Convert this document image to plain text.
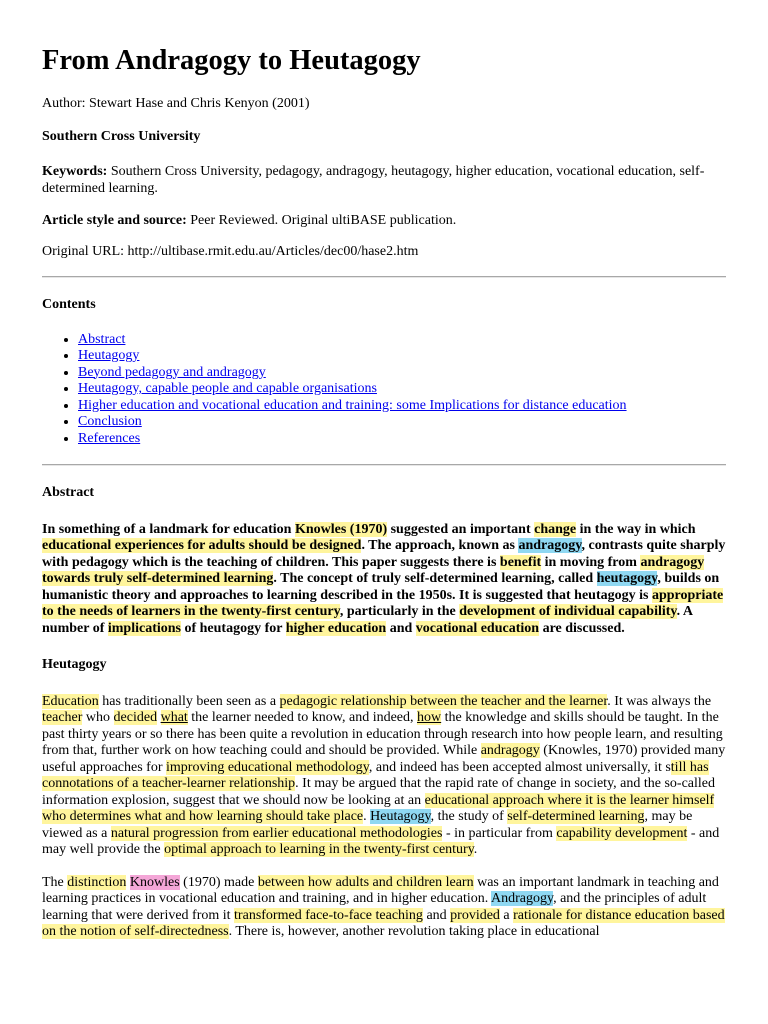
From Andragogy to Heutagogy

Author: Stewart Hase and Chris Kenyon (2001)

Southern Cross University

Keywords: Southern Cross University, pedagogy, andragogy, heutagogy, higher education, vocational education, self-determined learning.

Article style and source: Peer Reviewed. Original ultiBASE publication.

Original URL: http://ultibase.rmit.edu.au/Articles/dec00/hase2.htm

Contents
• Abstract
• Heutagogy
• Beyond pedagogy and andragogy
• Heutagogy, capable people and capable organisations
• Higher education and vocational education and training: some Implications for distance education
• Conclusion
• References
Abstract

In something of a landmark for education Knowles (1970) suggested an important change in the way in which educational experiences for adults should be designed. The approach, known as andragogy, contrasts quite sharply with pedagogy which is the teaching of children. This paper suggests there is benefit in moving from andragogy towards truly self-determined learning. The concept of truly self-determined learning, called heutagogy, builds on humanistic theory and approaches to learning described in the 1950s. It is suggested that heutagogy is appropriate to the needs of learners in the twenty-first century, particularly in the development of individual capability. A number of implications of heutagogy for higher education and vocational education are discussed.

Heutagogy

Education has traditionally been seen as a pedagogic relationship between the teacher and the learner. It was always the teacher who decided what the learner needed to know, and indeed, how the knowledge and skills should be taught. In the past thirty years or so there has been quite a revolution in education through research into how people learn, and resulting from that, further work on how teaching could and should be provided. While andragogy (Knowles, 1970) provided many useful approaches for improving educational methodology, and indeed has been accepted almost universally, it still has connotations of a teacher-learner relationship. It may be argued that the rapid rate of change in society, and the so-called information explosion, suggest that we should now be looking at an educational approach where it is the learner himself who determines what and how learning should take place. Heutagogy, the study of self-determined learning, may be viewed as a natural progression from earlier educational methodologies - in particular from capability development - and may well provide the optimal approach to learning in the twenty-first century.

The distinction Knowles (1970) made between how adults and children learn was an important landmark in teaching and learning practices in vocational education and training, and in higher education. Andragogy, and the principles of adult learning that were derived from it transformed face-to-face teaching and provided a rationale for distance education based on the notion of self-directedness. There is, however, another revolution taking place in educational
